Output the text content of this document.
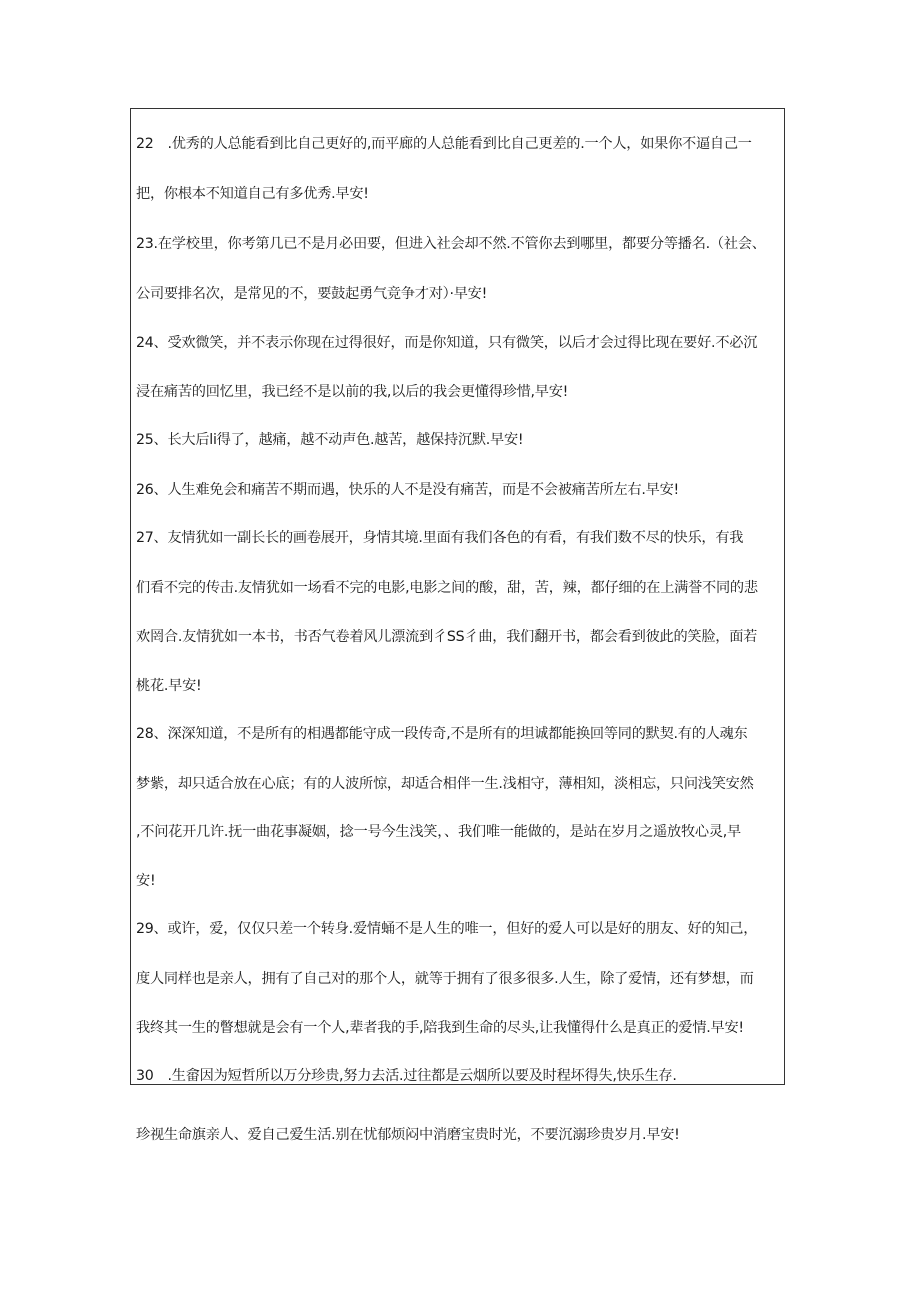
22　.优秀的人总能看到比自己更好的,而平廊的人总能看到比自己更差的.一个人，如果你不逼自己一
把，你根本不知道自己有多优秀.早安!
23.在学校里，你考第几已不是月必田要，但进入社会却不然.不管你去到哪里，都要分等播名.（社会、
公司要排名次，是常见的不，要鼓起勇气竞争才对）·早安!
24、受欢微笑，并不表示你现在过得很好，而是你知道，只有微笑，以后才会过得比现在要好.不必沉
浸在痛苦的回忆里，我已经不是以前的我,以后的我会更懂得珍惜,早安!
25、长大后li得了，越痛，越不动声色.越苦，越保持沉默.早安!
26、人生难免会和痛苦不期而遇，快乐的人不是没有痛苦，而是不会被痛苦所左右.早安!
27、友情犹如一副长长的画卷展开，身情其境.里面有我们各色的有看，有我们数不尽的快乐，有我
们看不完的传击.友情犹如一场看不完的电影,电影之间的酸，甜，苦，辣，都仔细的在上满誉不同的悲
欢罔合.友情犹如一本书，书否气卷着风儿漂流到彳SS彳曲，我们翻开书，都会看到彼此的笑脸，面若
桃花.早安!
28、深深知道，不是所有的相遇都能守成一段传奇,不是所有的坦诚都能换回等同的默契.有的人魂东
梦紫，却只适合放在心底；有的人波所惊，却适合相伴一生.浅相守，薄相知，淡相忘，只问浅笑安然
,不问花开几许.抚一曲花事凝姻，捻一号今生浅笑，、我们唯一能做的，是站在岁月之遥放牧心灵,早
安!
29、或许，爱，仅仅只差一个转身.爱情蛹不是人生的唯一，但好的爱人可以是好的朋友、好的知己，
度人同样也是亲人，拥有了自己对的那个人，就等于拥有了很多很多.人生，除了爱情，还有梦想，而
我终其一生的瞥想就是会有一个人,辈者我的手,陪我到生命的尽头,让我懂得什么是真正的爱情.早安!
30　.生畲因为短哲所以万分珍贵,努力去活.过往都是云烟所以要及时程坏得失,快乐生存.
珍视生命旗亲人、爱自己爱生活.别在忧郁烦闷中消磨宝贵时光，不要沉溺珍贵岁月.早安!
